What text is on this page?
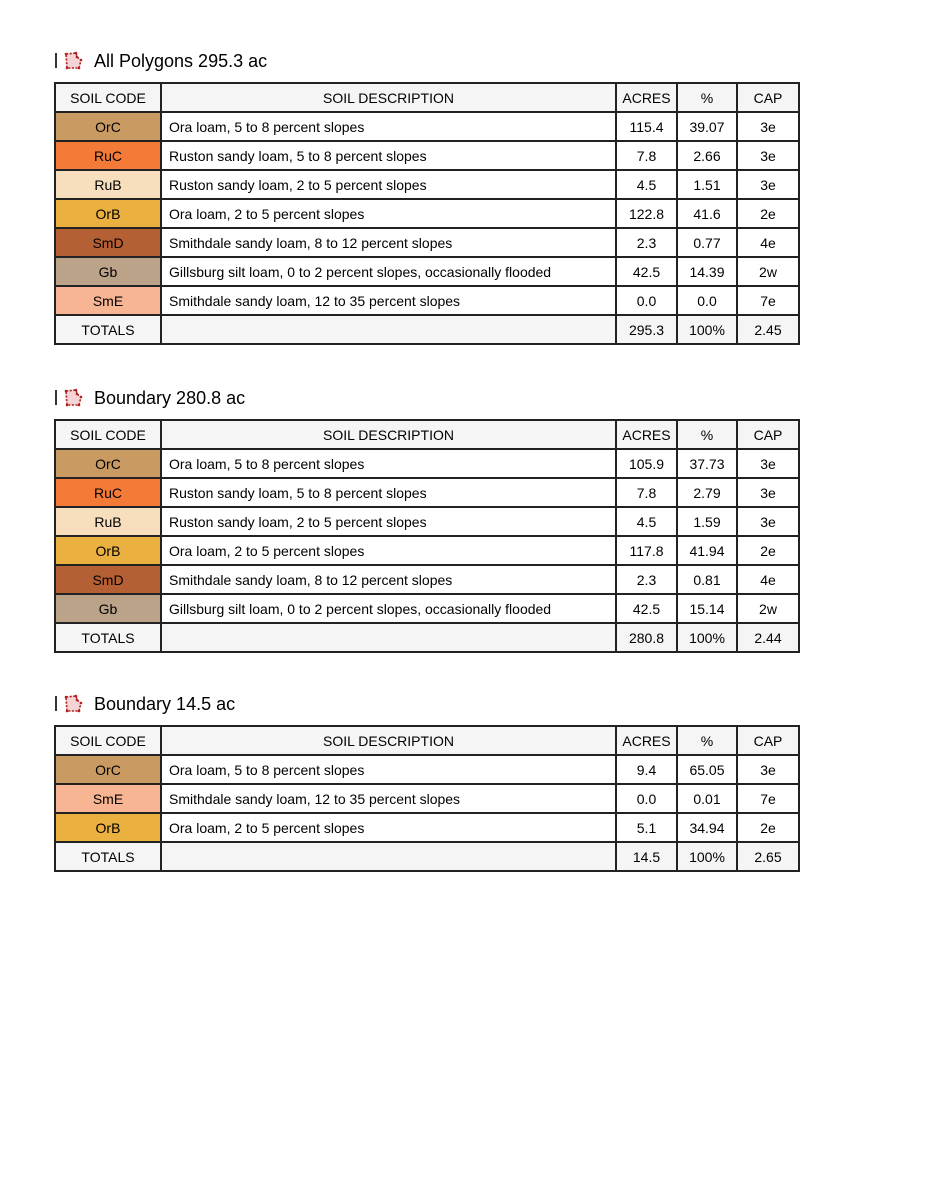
All Polygons 295.3 ac
SOIL CODE	SOIL DESCRIPTION	ACRES	%	CAP
OrC	Ora loam, 5 to 8 percent slopes	115.4	39.07	3e
RuC	Ruston sandy loam, 5 to 8 percent slopes	7.8	2.66	3e
RuB	Ruston sandy loam, 2 to 5 percent slopes	4.5	1.51	3e
OrB	Ora loam, 2 to 5 percent slopes	122.8	41.6	2e
SmD	Smithdale sandy loam, 8 to 12 percent slopes	2.3	0.77	4e
Gb	Gillsburg silt loam, 0 to 2 percent slopes, occasionally flooded	42.5	14.39	2w
SmE	Smithdale sandy loam, 12 to 35 percent slopes	0.0	0.0	7e
TOTALS		295.3	100%	2.45
Boundary 280.8 ac
SOIL CODE	SOIL DESCRIPTION	ACRES	%	CAP
OrC	Ora loam, 5 to 8 percent slopes	105.9	37.73	3e
RuC	Ruston sandy loam, 5 to 8 percent slopes	7.8	2.79	3e
RuB	Ruston sandy loam, 2 to 5 percent slopes	4.5	1.59	3e
OrB	Ora loam, 2 to 5 percent slopes	117.8	41.94	2e
SmD	Smithdale sandy loam, 8 to 12 percent slopes	2.3	0.81	4e
Gb	Gillsburg silt loam, 0 to 2 percent slopes, occasionally flooded	42.5	15.14	2w
TOTALS		280.8	100%	2.44
Boundary 14.5 ac
SOIL CODE	SOIL DESCRIPTION	ACRES	%	CAP
OrC	Ora loam, 5 to 8 percent slopes	9.4	65.05	3e
SmE	Smithdale sandy loam, 12 to 35 percent slopes	0.0	0.01	7e
OrB	Ora loam, 2 to 5 percent slopes	5.1	34.94	2e
TOTALS		14.5	100%	2.65
